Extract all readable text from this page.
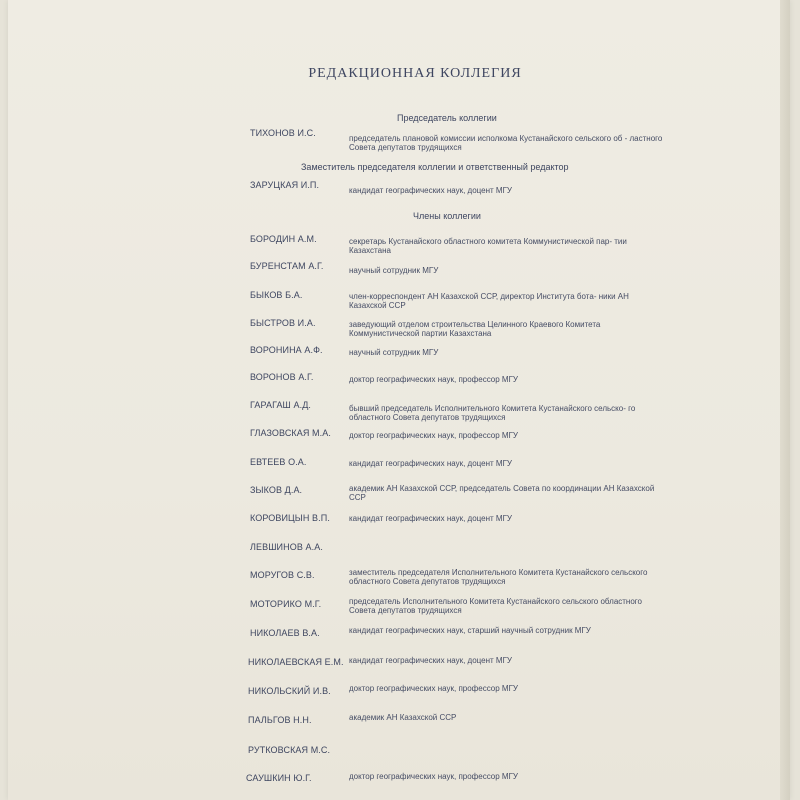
РЕДАКЦИОННАЯ КОЛЛЕГИЯ
Председатель коллегии
ТИХОНОВ И.С.
председатель плановой комиссии исполкома Кустанайского сельского об - ластного Совета депутатов трудящихся
Заместитель председателя коллегии и ответственный редактор
ЗАРУЦКАЯ И.П.
кандидат географических наук, доцент МГУ
Члены коллегии
БОРОДИН А.М.	секретарь Кустанайского областного комитета Коммунистической пар- тии Казахстана
БУРЕНСТАМ А.Г.	научный сотрудник МГУ
БЫКОВ Б.А.	член-корреспондент АН Казахской ССР, директор Института бота- ники АН Казахской ССР
БЫСТРОВ И.А.	заведующий отделом строительства Целинного Краевого Комитета Коммунистической партии Казахстана
ВОРОНИНА А.Ф.	научный сотрудник МГУ
ВОРОНОВ А.Г.	доктор географических наук, профессор МГУ
ГАРАГАШ А.Д.	бывший председатель Исполнительного Комитета Кустанайского сельско- го областного Совета депутатов трудящихся
ГЛАЗОВСКАЯ М.А. доктор географических наук, профессор МГУ
ЕВТЕЕВ О.А.	кандидат географических наук, доцент МГУ
ЗЫКОВ Д.А.	академик АН Казахской ССР, председатель Совета по координации АН Казахской ССР
КОРОВИЦЫН В.П. кандидат географических наук, доцент МГУ
ЛЕВШИНОВ А.А.
МОРУГОВ С.В.	заместитель председателя Исполнительного Комитета Кустанайского сельского областного Совета депутатов трудящихся
МОТОРИКО М.Г.	председатель Исполнительного Комитета Кустанайского сельского областного Совета депутатов трудящихся
НИКОЛАЕВ В.А.	кандидат географических наук, старший научный сотрудник МГУ
НИКОЛАЕВСКАЯ Е.М. кандидат географических наук, доцент МГУ
НИКОЛЬСКИЙ И.В. доктор географических наук, профессор МГУ
ПАЛЬГОВ Н.Н.	академик АН Казахской ССР
РУТКОВСКАЯ М.С.
САУШКИН Ю.Г.	доктор географических наук, профессор МГУ
